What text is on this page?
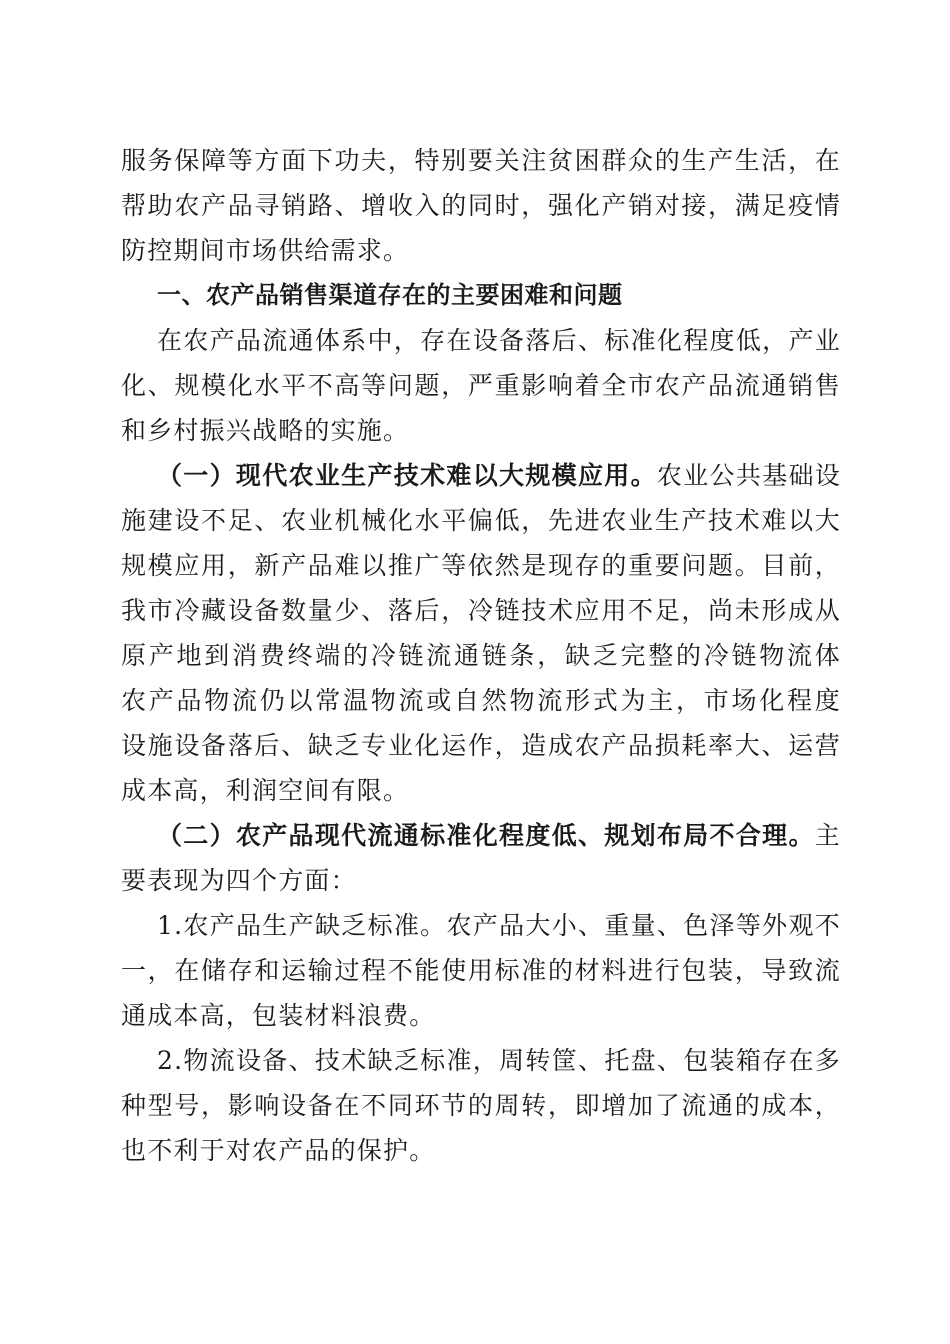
服务保障等方面下功夫，特别要关注贫困群众的生产生活，在
帮助农产品寻销路、增收入的同时，强化产销对接，满足疫情
防控期间市场供给需求。
一、农产品销售渠道存在的主要困难和问题
在农产品流通体系中，存在设备落后、标准化程度低，产业
化、规模化水平不高等问题，严重影响着全市农产品流通销售
和乡村振兴战略的实施。
（一）现代农业生产技术难以大规模应用。农业公共基础设
施建设不足、农业机械化水平偏低，先进农业生产技术难以大
规模应用，新产品难以推广等依然是现存的重要问题。目前，
我市冷藏设备数量少、落后，冷链技术应用不足，尚未形成从
原产地到消费终端的冷链流通链条，缺乏完整的冷链物流体
农产品物流仍以常温物流或自然物流形式为主，市场化程度
设施设备落后、缺乏专业化运作，造成农产品损耗率大、运营
成本高，利润空间有限。
（二）农产品现代流通标准化程度低、规划布局不合理。主
要表现为四个方面：
1.农产品生产缺乏标准。农产品大小、重量、色泽等外观不
一，在储存和运输过程不能使用标准的材料进行包装，导致流
通成本高，包装材料浪费。
2.物流设备、技术缺乏标准，周转筐、托盘、包装箱存在多
种型号，影响设备在不同环节的周转，即增加了流通的成本，
也不利于对农产品的保护。
